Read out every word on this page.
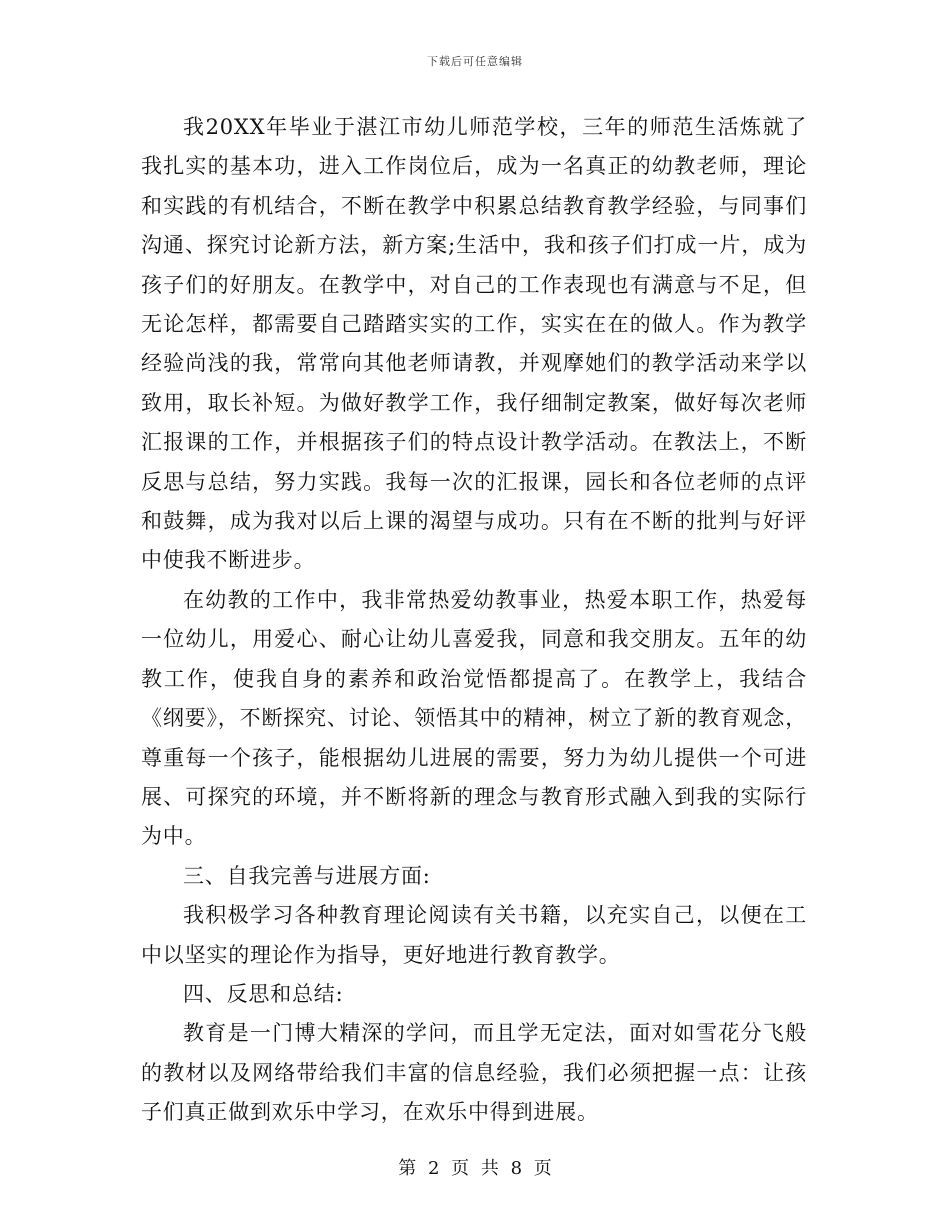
下载后可任意编辑

我20XX年毕业于湛江市幼儿师范学校，三年的师范生活炼就了我扎实的基本功，进入工作岗位后，成为一名真正的幼教老师，理论和实践的有机结合，不断在教学中积累总结教育教学经验，与同事们沟通、探究讨论新方法，新方案;生活中，我和孩子们打成一片，成为孩子们的好朋友。在教学中，对自己的工作表现也有满意与不足，但无论怎样，都需要自己踏踏实实的工作，实实在在的做人。作为教学经验尚浅的我，常常向其他老师请教，并观摩她们的教学活动来学以致用，取长补短。为做好教学工作，我仔细制定教案，做好每次老师汇报课的工作，并根据孩子们的特点设计教学活动。在教法上，不断反思与总结，努力实践。我每一次的汇报课，园长和各位老师的点评和鼓舞，成为我对以后上课的渴望与成功。只有在不断的批判与好评中使我不断进步。

在幼教的工作中，我非常热爱幼教事业，热爱本职工作，热爱每一位幼儿，用爱心、耐心让幼儿喜爱我，同意和我交朋友。五年的幼教工作，使我自身的素养和政治觉悟都提高了。在教学上，我结合《纲要》，不断探究、讨论、领悟其中的精神，树立了新的教育观念，尊重每一个孩子，能根据幼儿进展的需要，努力为幼儿提供一个可进展、可探究的环境，并不断将新的理念与教育形式融入到我的实际行为中。

三、自我完善与进展方面:

我积极学习各种教育理论阅读有关书籍，以充实自己，以便在工中以坚实的理论作为指导，更好地进行教育教学。

四、反思和总结:

教育是一门博大精深的学问，而且学无定法，面对如雪花分飞般的教材以及网络带给我们丰富的信息经验，我们必须把握一点：让孩子们真正做到欢乐中学习，在欢乐中得到进展。

第 2 页 共 8 页
